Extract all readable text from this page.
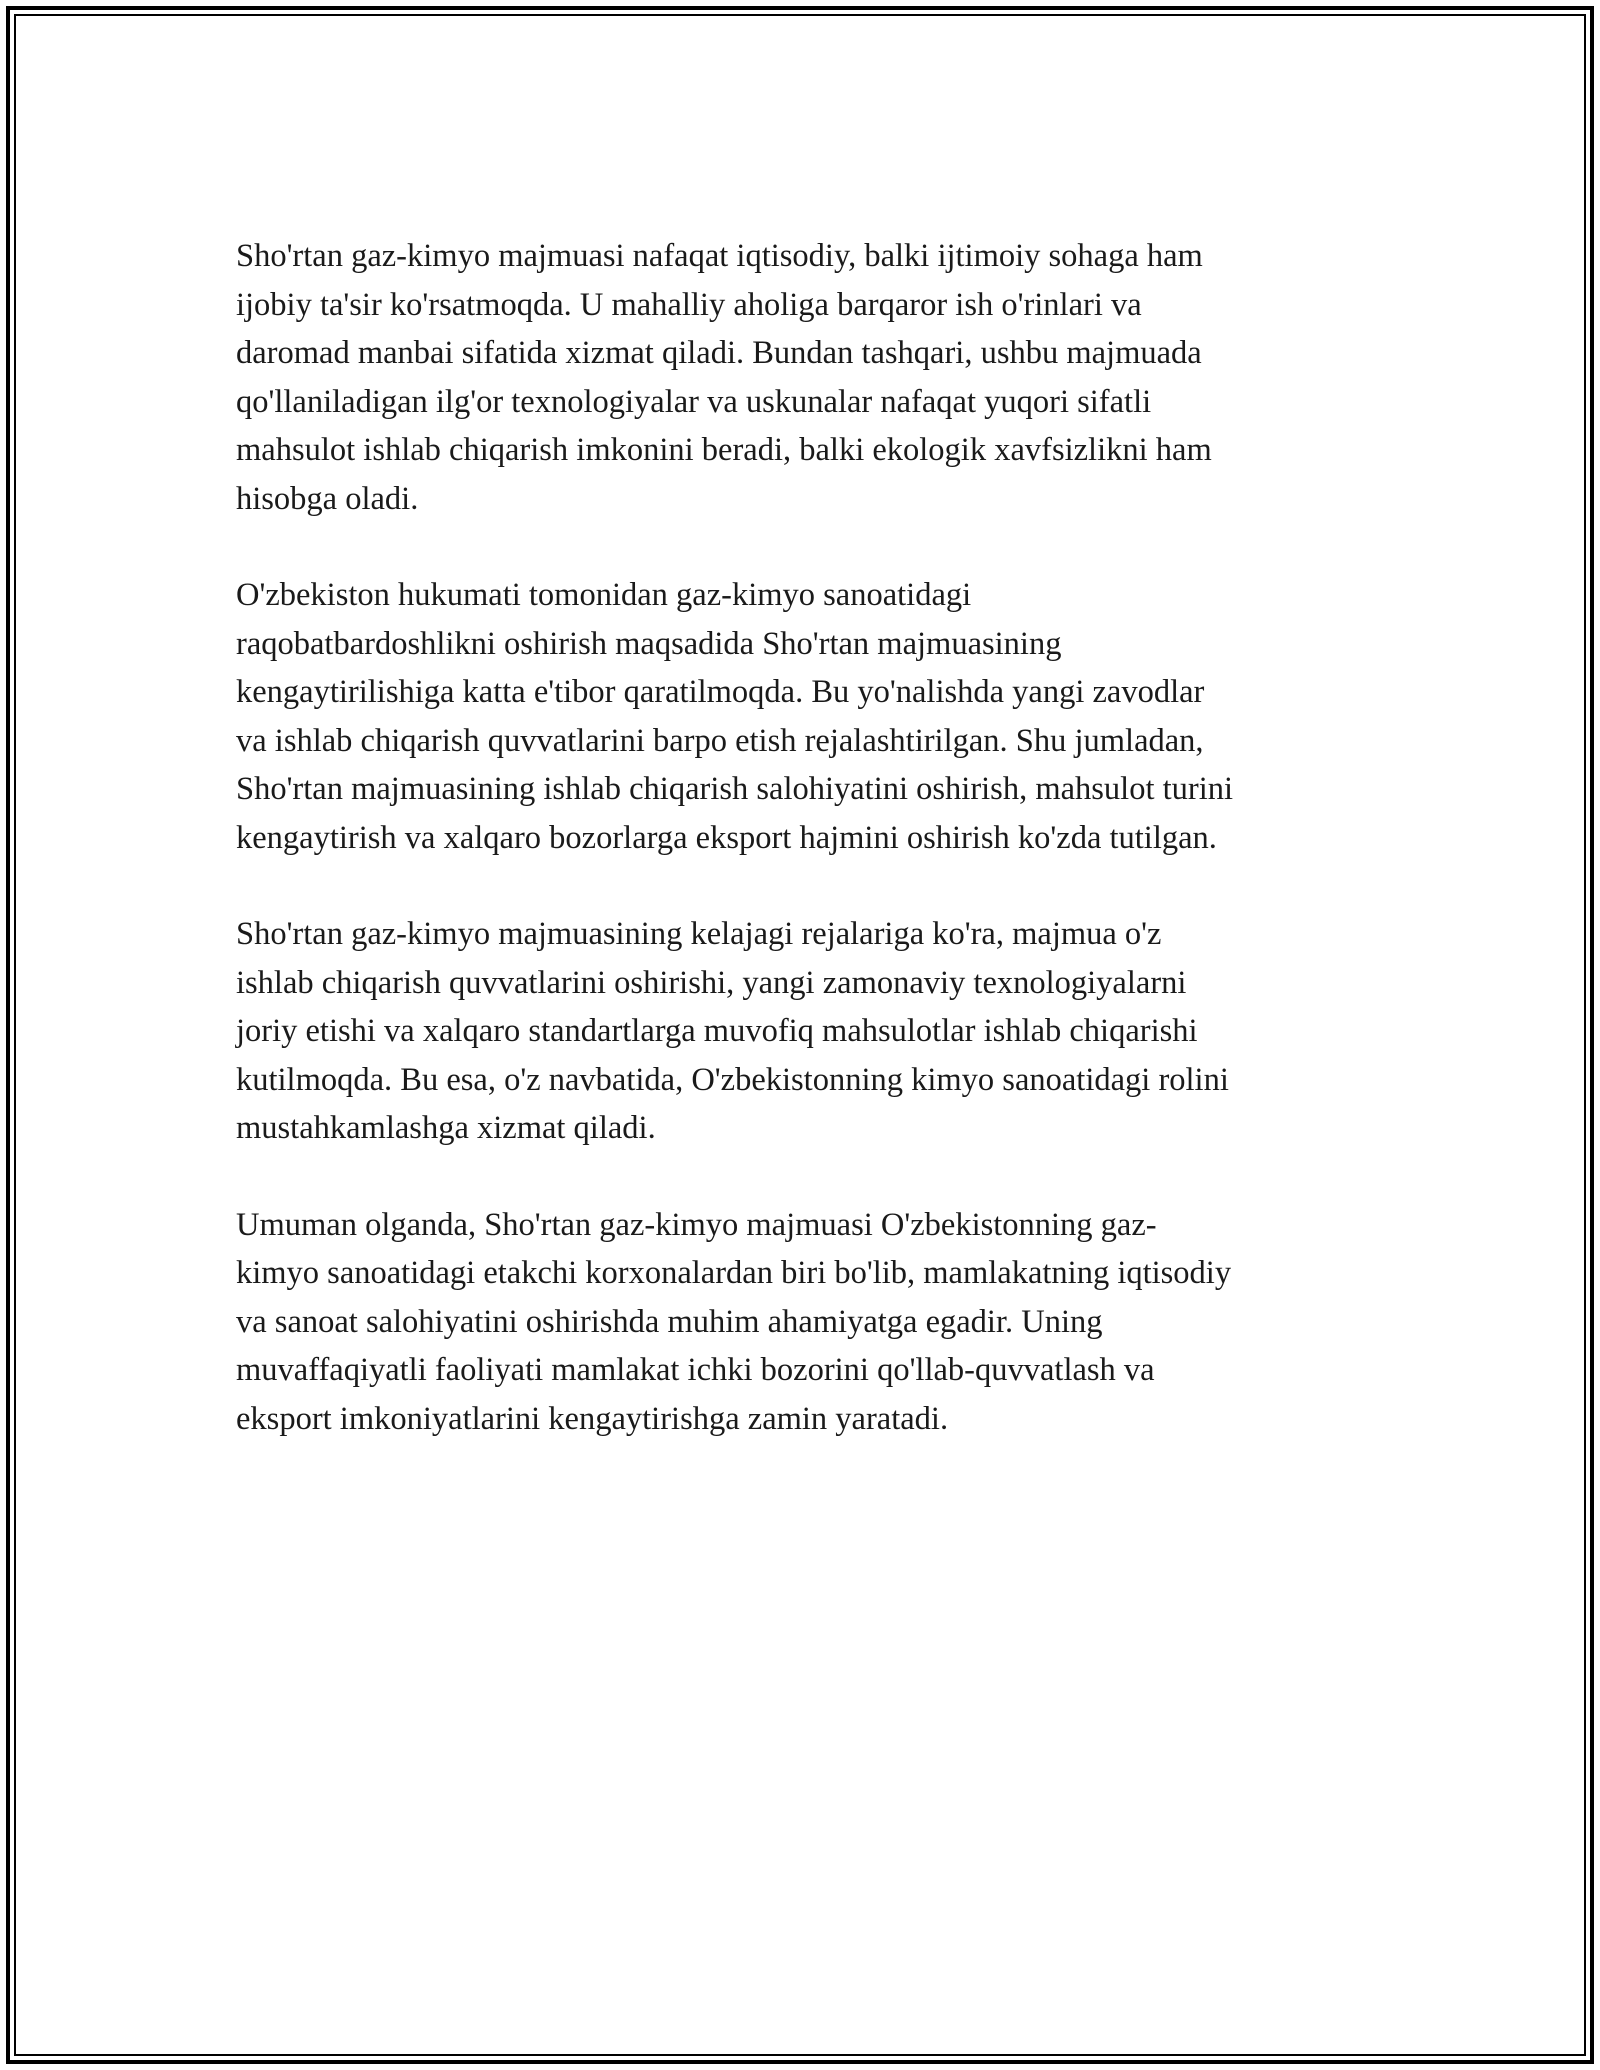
Sho'rtan gaz-kimyo majmuasi nafaqat iqtisodiy, balki ijtimoiy sohaga ham
ijobiy ta'sir ko'rsatmoqda. U mahalliy aholiga barqaror ish o'rinlari va
daromad manbai sifatida xizmat qiladi. Bundan tashqari, ushbu majmuada
qo'llaniladigan ilg'or texnologiyalar va uskunalar nafaqat yuqori sifatli
mahsulot ishlab chiqarish imkonini beradi, balki ekologik xavfsizlikni ham
hisobga oladi.

O'zbekiston hukumati tomonidan gaz-kimyo sanoatidagi
raqobatbardoshlikni oshirish maqsadida Sho'rtan majmuasining
kengaytirilishiga katta e'tibor qaratilmoqda. Bu yo'nalishda yangi zavodlar
va ishlab chiqarish quvvatlarini barpo etish rejalashtirilgan. Shu jumladan,
Sho'rtan majmuasining ishlab chiqarish salohiyatini oshirish, mahsulot turini
kengaytirish va xalqaro bozorlarga eksport hajmini oshirish ko'zda tutilgan.

Sho'rtan gaz-kimyo majmuasining kelajagi rejalariga ko'ra, majmua o'z
ishlab chiqarish quvvatlarini oshirishi, yangi zamonaviy texnologiyalarni
joriy etishi va xalqaro standartlarga muvofiq mahsulotlar ishlab chiqarishi
kutilmoqda. Bu esa, o'z navbatida, O'zbekistonning kimyo sanoatidagi rolini
mustahkamlashga xizmat qiladi.

Umuman olganda, Sho'rtan gaz-kimyo majmuasi O'zbekistonning gaz-
kimyo sanoatidagi etakchi korxonalardan biri bo'lib, mamlakatning iqtisodiy
va sanoat salohiyatini oshirishda muhim ahamiyatga egadir. Uning
muvaffaqiyatli faoliyati mamlakat ichki bozorini qo'llab-quvvatlash va
eksport imkoniyatlarini kengaytirishga zamin yaratadi.
